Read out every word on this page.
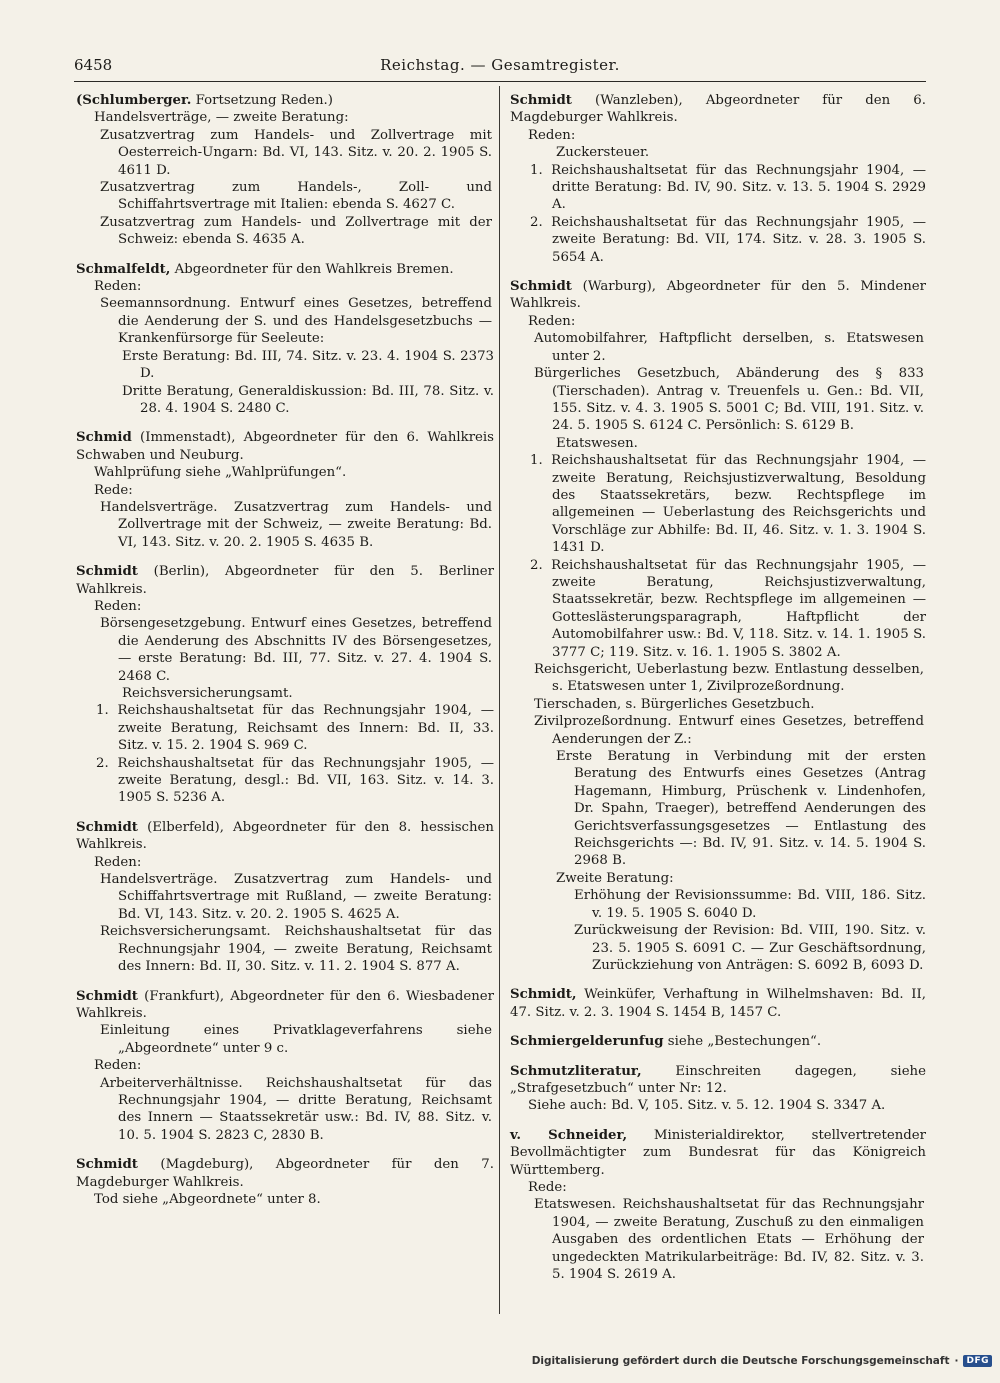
6458	Reichstag. — Gesamtregister.
(Schlumberger. Fortsetzung Reden.)
Handelsverträge, — zweite Beratung:
Zusatzvertrag zum Handels- und Zollvertrage mit Oesterreich-Ungarn: Bd. VI, 143. Sitz. v. 20. 2. 1905 S. 4611 D.
Zusatzvertrag zum Handels-, Zoll- und Schiffahrtsvertrage mit Italien: ebenda S. 4627 C.
Zusatzvertrag zum Handels- und Zollvertrage mit der Schweiz: ebenda S. 4635 A.
Schmalfeldt, Abgeordneter für den Wahlkreis Bremen.
Reden:
Seemannsordnung. Entwurf eines Gesetzes, betreffend die Aenderung der S. und des Handelsgesetzbuchs — Krankenfürsorge für Seeleute:
Erste Beratung: Bd. III, 74. Sitz. v. 23. 4. 1904 S. 2373 D.
Dritte Beratung, Generaldiskussion: Bd. III, 78. Sitz. v. 28. 4. 1904 S. 2480 C.
Schmid (Immenstadt), Abgeordneter für den 6. Wahlkreis Schwaben und Neuburg.
Wahlprüfung siehe „Wahlprüfungen“.
Rede:
Handelsverträge. Zusatzvertrag zum Handels- und Zollvertrage mit der Schweiz, — zweite Beratung: Bd. VI, 143. Sitz. v. 20. 2. 1905 S. 4635 B.
Schmidt (Berlin), Abgeordneter für den 5. Berliner Wahlkreis.
Reden:
Börsengesetzgebung. Entwurf eines Gesetzes, betreffend die Aenderung des Abschnitts IV des Börsengesetzes, — erste Beratung: Bd. III, 77. Sitz. v. 27. 4. 1904 S. 2468 C.
Reichsversicherungsamt.
1. Reichshaushaltsetat für das Rechnungsjahr 1904, — zweite Beratung, Reichsamt des Innern: Bd. II, 33. Sitz. v. 15. 2. 1904 S. 969 C.
2. Reichshaushaltsetat für das Rechnungsjahr 1905, — zweite Beratung, desgl.: Bd. VII, 163. Sitz. v. 14. 3. 1905 S. 5236 A.
Schmidt (Elberfeld), Abgeordneter für den 8. hessischen Wahlkreis.
Reden:
Handelsverträge. Zusatzvertrag zum Handels- und Schiffahrtsvertrage mit Rußland, — zweite Beratung: Bd. VI, 143. Sitz. v. 20. 2. 1905 S. 4625 A.
Reichsversicherungsamt. Reichshaushaltsetat für das Rechnungsjahr 1904, — zweite Beratung, Reichsamt des Innern: Bd. II, 30. Sitz. v. 11. 2. 1904 S. 877 A.
Schmidt (Frankfurt), Abgeordneter für den 6. Wiesbadener Wahlkreis.
Einleitung eines Privatklageverfahrens siehe „Abgeordnete“ unter 9 c.
Reden:
Arbeiterverhältnisse. Reichshaushaltsetat für das Rechnungsjahr 1904, — dritte Beratung, Reichsamt des Innern — Staatssekretär usw.: Bd. IV, 88. Sitz. v. 10. 5. 1904 S. 2823 C, 2830 B.
Schmidt (Magdeburg), Abgeordneter für den 7. Magdeburger Wahlkreis.
Tod siehe „Abgeordnete“ unter 8.
Schmidt (Wanzleben), Abgeordneter für den 6. Magdeburger Wahlkreis.
Reden:
Zuckersteuer.
1. Reichshaushaltsetat für das Rechnungsjahr 1904, — dritte Beratung: Bd. IV, 90. Sitz. v. 13. 5. 1904 S. 2929 A.
2. Reichshaushaltsetat für das Rechnungsjahr 1905, — zweite Beratung: Bd. VII, 174. Sitz. v. 28. 3. 1905 S. 5654 A.
Schmidt (Warburg), Abgeordneter für den 5. Mindener Wahlkreis.
Reden:
Automobilfahrer, Haftpflicht derselben, s. Etatswesen unter 2.
Bürgerliches Gesetzbuch, Abänderung des § 833 (Tierschaden). Antrag v. Treuenfels u. Gen.: Bd. VII, 155. Sitz. v. 4. 3. 1905 S. 5001 C; Bd. VIII, 191. Sitz. v. 24. 5. 1905 S. 6124 C. Persönlich: S. 6129 B.
Etatswesen.
1. Reichshaushaltsetat für das Rechnungsjahr 1904, — zweite Beratung, Reichsjustizverwaltung, Besoldung des Staatssekretärs, bezw. Rechtspflege im allgemeinen — Ueberlastung des Reichsgerichts und Vorschläge zur Abhilfe: Bd. II, 46. Sitz. v. 1. 3. 1904 S. 1431 D.
2. Reichshaushaltsetat für das Rechnungsjahr 1905, — zweite Beratung, Reichsjustizverwaltung, Staatssekretär, bezw. Rechtspflege im allgemeinen — Gotteslästerungsparagraph, Haftpflicht der Automobilfahrer usw.: Bd. V, 118. Sitz. v. 14. 1. 1905 S. 3777 C; 119. Sitz. v. 16. 1. 1905 S. 3802 A.
Reichsgericht, Ueberlastung bezw. Entlastung desselben, s. Etatswesen unter 1, Zivilprozeßordnung.
Tierschaden, s. Bürgerliches Gesetzbuch.
Zivilprozeßordnung. Entwurf eines Gesetzes, betreffend Aenderungen der Z.:
Erste Beratung in Verbindung mit der ersten Beratung des Entwurfs eines Gesetzes (Antrag Hagemann, Himburg, Prüschenk v. Lindenhofen, Dr. Spahn, Traeger), betreffend Aenderungen des Gerichtsverfassungsgesetzes — Entlastung des Reichsgerichts —: Bd. IV, 91. Sitz. v. 14. 5. 1904 S. 2968 B.
Zweite Beratung:
Erhöhung der Revisionssumme: Bd. VIII, 186. Sitz. v. 19. 5. 1905 S. 6040 D.
Zurückweisung der Revision: Bd. VIII, 190. Sitz. v. 23. 5. 1905 S. 6091 C. — Zur Geschäftsordnung, Zurückziehung von Anträgen: S. 6092 B, 6093 D.
Schmidt, Weinküfer, Verhaftung in Wilhelmshaven: Bd. II, 47. Sitz. v. 2. 3. 1904 S. 1454 B, 1457 C.
Schmiergelderunfug siehe „Bestechungen“.
Schmutzliteratur, Einschreiten dagegen, siehe „Strafgesetzbuch“ unter Nr: 12.
Siehe auch: Bd. V, 105. Sitz. v. 5. 12. 1904 S. 3347 A.
v. Schneider, Ministerialdirektor, stellvertretender Bevollmächtigter zum Bundesrat für das Königreich Württemberg.
Rede:
Etatswesen. Reichshaushaltsetat für das Rechnungsjahr 1904, — zweite Beratung, Zuschuß zu den einmaligen Ausgaben des ordentlichen Etats — Erhöhung der ungedeckten Matrikularbeiträge: Bd. IV, 82. Sitz. v. 3. 5. 1904 S. 2619 A.
Digitalisierung gefördert durch die Deutsche Forschungsgemeinschaft · DFG
